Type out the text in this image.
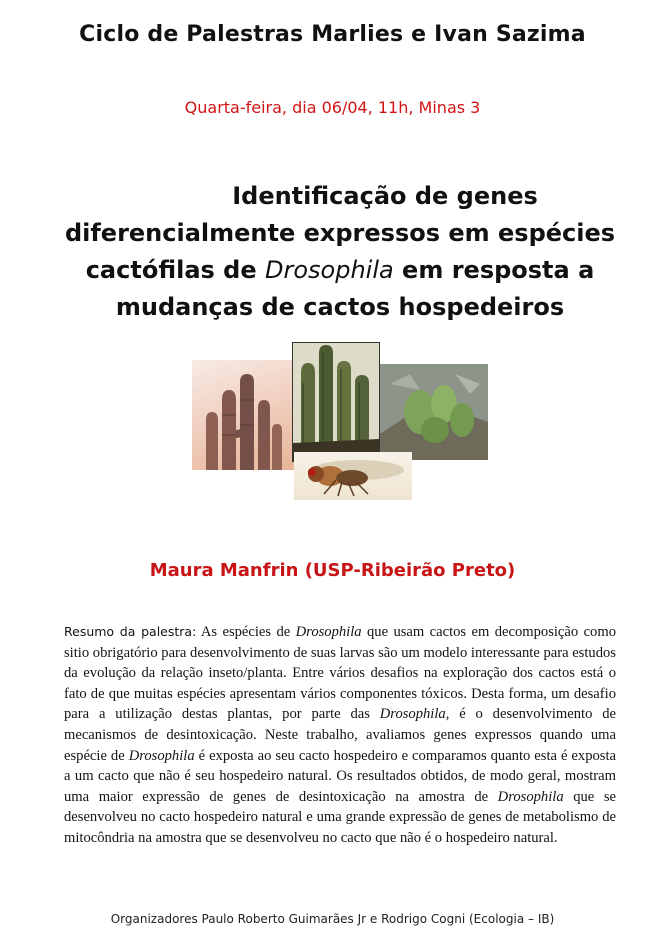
Ciclo de Palestras Marlies e Ivan Sazima
Quarta-feira, dia 06/04, 11h, Minas 3
Identificação de genes
diferencialmente expressos em espécies
cactófilas de Drosophila em resposta a
mudanças de cactos hospedeiros
Maura Manfrin (USP-Ribeirão Preto)
Resumo da palestra: As espécies de Drosophila que usam cactos em decomposição como sitio obrigatório para desenvolvimento de suas larvas são um modelo interessante para estudos da evolução da relação inseto/planta. Entre vários desafios na exploração dos cactos está o fato de que muitas espécies apresentam vários componentes tóxicos. Desta forma, um desafio para a utilização destas plantas, por parte das Drosophila, é o desenvolvimento de mecanismos de desintoxicação. Neste trabalho, avaliamos genes expressos quando uma espécie de Drosophila é exposta ao seu cacto hospedeiro e comparamos quanto esta é exposta a um cacto que não é seu hospedeiro natural. Os resultados obtidos, de modo geral, mostram uma maior expressão de genes de desintoxicação na amostra de Drosophila que se desenvolveu no cacto hospedeiro natural e uma grande expressão de genes de metabolismo de mitocôndria na amostra que se desenvolveu no cacto que não é o hospedeiro natural.
Organizadores Paulo Roberto Guimarães Jr e Rodrigo Cogni (Ecologia – IB)
